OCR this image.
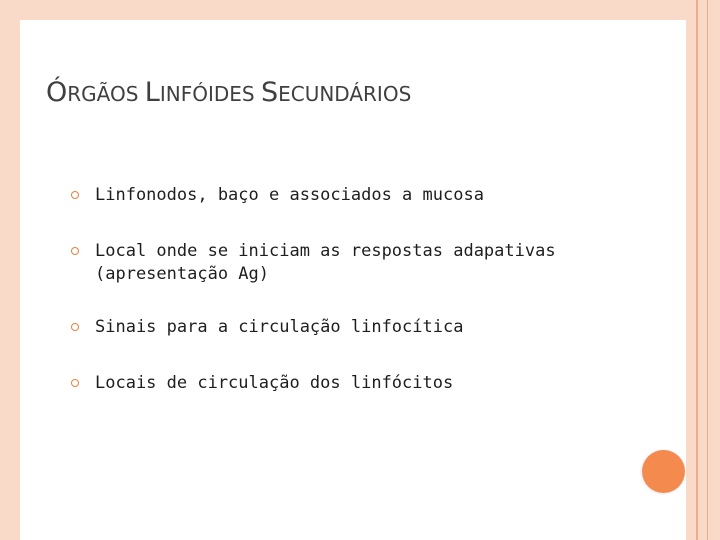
ÓRGÃOS LINFÓIDES SECUNDÁRIOS
Linfonodos, baço e associados a mucosa
Local onde se iniciam as respostas adapativas (apresentação Ag)
Sinais para a circulação linfocítica
Locais de circulação dos linfócitos
